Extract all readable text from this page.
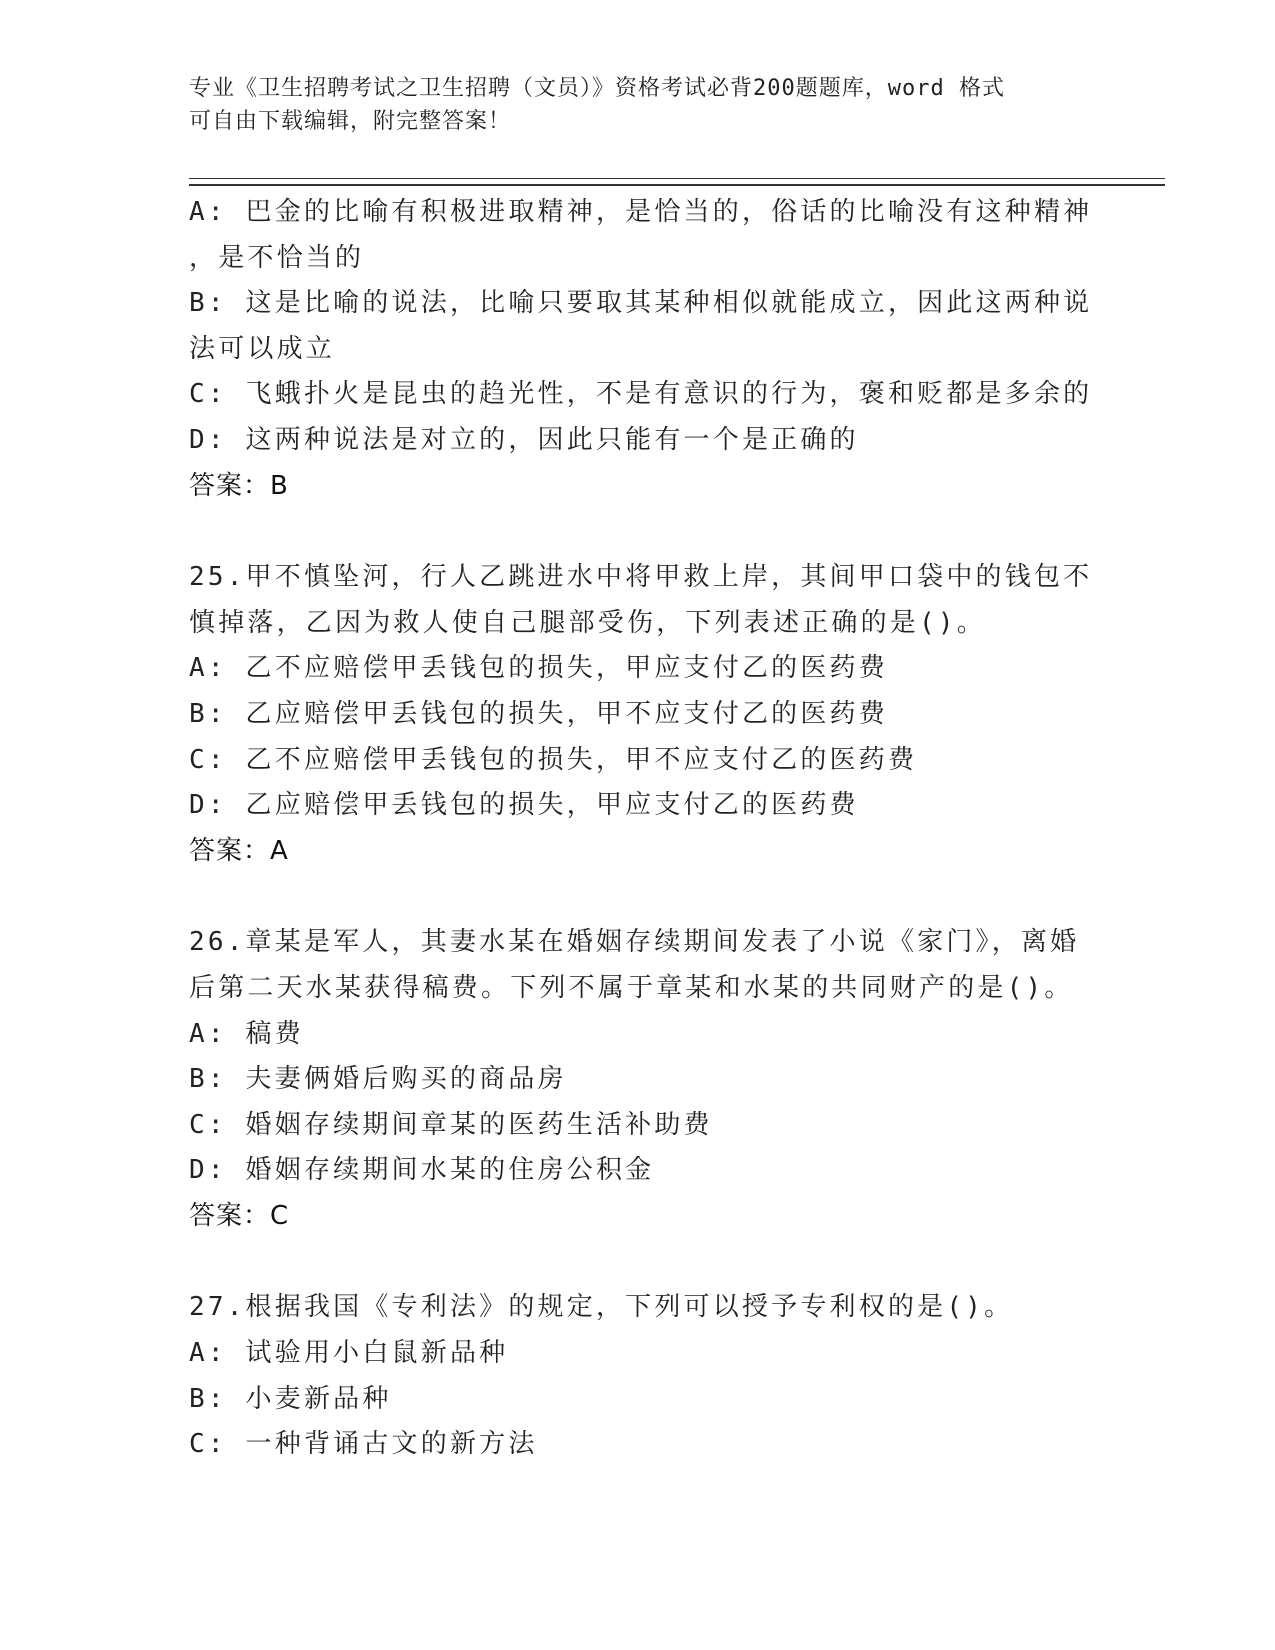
专业《卫生招聘考试之卫生招聘（文员）》资格考试必背200题题库，word 格式
可自由下载编辑，附完整答案！
A: 巴金的比喻有积极进取精神，是恰当的，俗话的比喻没有这种精神
，是不恰当的
B: 这是比喻的说法，比喻只要取其某种相似就能成立，因此这两种说
法可以成立
C: 飞蛾扑火是昆虫的趋光性，不是有意识的行为，褒和贬都是多余的
D: 这两种说法是对立的，因此只能有一个是正确的
答案：B
25.甲不慎坠河，行人乙跳进水中将甲救上岸，其间甲口袋中的钱包不
慎掉落，乙因为救人使自己腿部受伤，下列表述正确的是()。
A: 乙不应赔偿甲丢钱包的损失，甲应支付乙的医药费
B: 乙应赔偿甲丢钱包的损失，甲不应支付乙的医药费
C: 乙不应赔偿甲丢钱包的损失，甲不应支付乙的医药费
D: 乙应赔偿甲丢钱包的损失，甲应支付乙的医药费
答案：A
26.章某是军人，其妻水某在婚姻存续期间发表了小说《家门》，离婚
后第二天水某获得稿费。下列不属于章某和水某的共同财产的是()。
A: 稿费
B: 夫妻俩婚后购买的商品房
C: 婚姻存续期间章某的医药生活补助费
D: 婚姻存续期间水某的住房公积金
答案：C
27.根据我国《专利法》的规定，下列可以授予专利权的是()。
A: 试验用小白鼠新品种
B: 小麦新品种
C: 一种背诵古文的新方法
